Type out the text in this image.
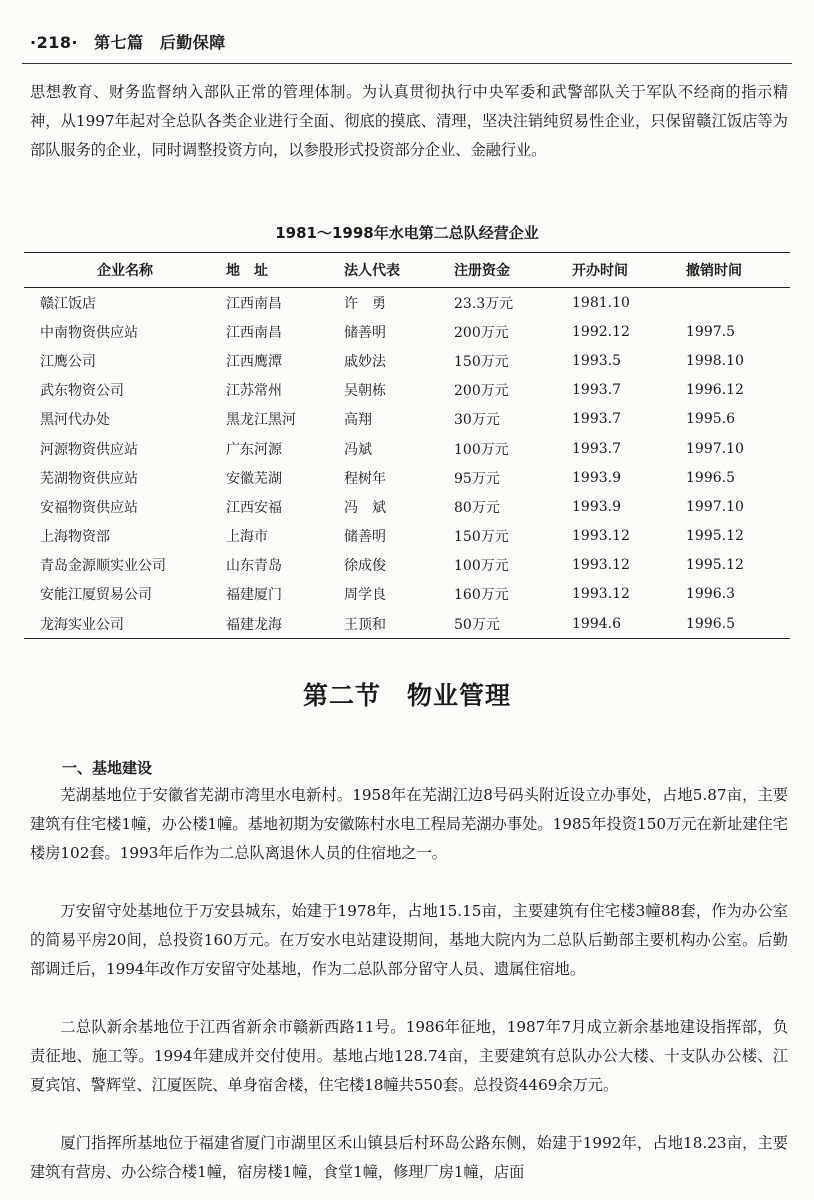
·218· 第七篇 后勤保障

思想教育、财务监督纳入部队正常的管理体制。为认真贯彻执行中央军委和武警部队关于军队不经商的指示精神，从1997年起对全总队各类企业进行全面、彻底的摸底、清理，坚决注销纯贸易性企业，只保留赣江饭店等为部队服务的企业，同时调整投资方向，以参股形式投资部分企业、金融行业。

1981～1998年水电第二总队经营企业
企业名称	地　址	法人代表	注册资金	开办时间	撤销时间
赣江饭店	江西南昌	许　勇	23.3万元	1981.10	
中南物资供应站	江西南昌	储善明	200万元	1992.12	1997.5
江鹰公司	江西鹰潭	戚妙法	150万元	1993.5	1998.10
武东物资公司	江苏常州	吴朝栋	200万元	1993.7	1996.12
黑河代办处	黑龙江黑河	高翔	30万元	1993.7	1995.6
河源物资供应站	广东河源	冯斌	100万元	1993.7	1997.10
芜湖物资供应站	安徽芜湖	程树年	95万元	1993.9	1996.5
安福物资供应站	江西安福	冯　斌	80万元	1993.9	1997.10
上海物资部	上海市	储善明	150万元	1993.12	1995.12
青岛金源顺实业公司	山东青岛	徐成俊	100万元	1993.12	1995.12
安能江厦贸易公司	福建厦门	周学良	160万元	1993.12	1996.3
龙海实业公司	福建龙海	王顶和	50万元	1994.6	1996.5
第二节　物业管理
一、基地建设

芜湖基地位于安徽省芜湖市湾里水电新村。1958年在芜湖江边8号码头附近设立办事处，占地5.87亩，主要建筑有住宅楼1幢，办公楼1幢。基地初期为安徽陈村水电工程局芜湖办事处。1985年投资150万元在新址建住宅楼房102套。1993年后作为二总队离退休人员的住宿地之一。

万安留守处基地位于万安县城东，始建于1978年，占地15.15亩，主要建筑有住宅楼3幢88套，作为办公室的简易平房20间，总投资160万元。在万安水电站建设期间，基地大院内为二总队后勤部主要机构办公室。后勤部调迁后，1994年改作万安留守处基地，作为二总队部分留守人员、遗属住宿地。

二总队新余基地位于江西省新余市赣新西路11号。1986年征地，1987年7月成立新余基地建设指挥部，负责征地、施工等。1994年建成并交付使用。基地占地128.74亩，主要建筑有总队办公大楼、十支队办公楼、江夏宾馆、警辉堂、江厦医院、单身宿舍楼，住宅楼18幢共550套。总投资4469余万元。

厦门指挥所基地位于福建省厦门市湖里区禾山镇县后村环岛公路东侧，始建于1992年，占地18.23亩，主要建筑有营房、办公综合楼1幢，宿房楼1幢，食堂1幢，修理厂房1幢，店面
